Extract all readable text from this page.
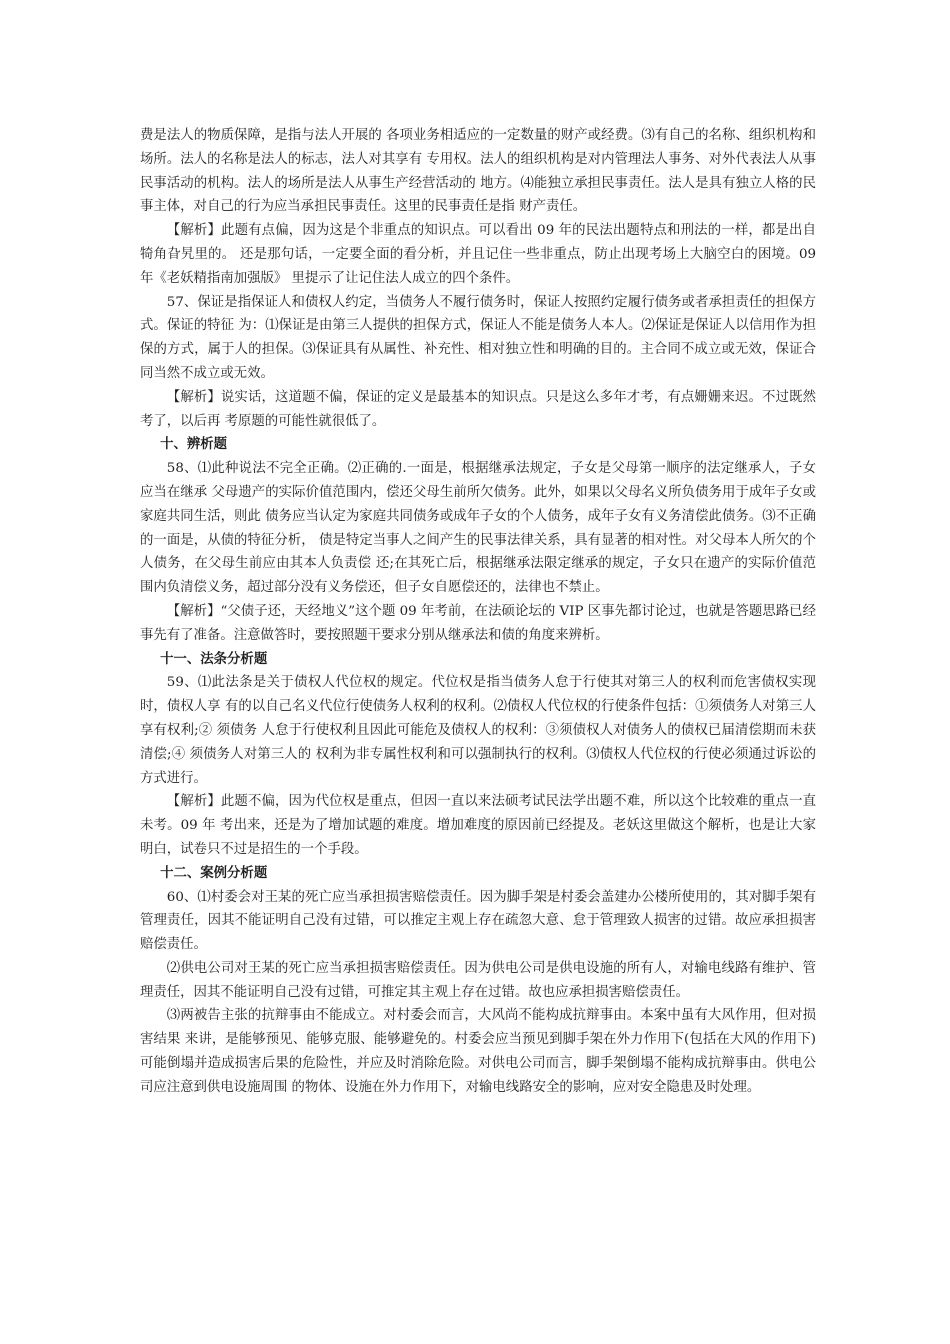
费是法人的物质保障，是指与法人开展的 各项业务相适应的一定数量的财产或经费。⑶有自己的名称、组织机构和场所。法人的名称是法人的标志，法人对其享有 专用权。法人的组织机构是对内管理法人事务、对外代表法人从事民事活动的机构。法人的场所是法人从事生产经营活动的 地方。⑷能独立承担民事责任。法人是具有独立人格的民事主体，对自己的行为应当承担民事责任。这里的民事责任是指 财产责任。

【解析】此题有点偏，因为这是个非重点的知识点。可以看出 09 年的民法出题特点和刑法的一样，都是出自犄角旮旯里的。 还是那句话，一定要全面的看分析，并且记住一些非重点，防止出现考场上大脑空白的困境。09 年《老妖精指南加强版》 里提示了让记住法人成立的四个条件。

57、保证是指保证人和债权人约定，当债务人不履行债务时，保证人按照约定履行债务或者承担责任的担保方式。保证的特征 为：⑴保证是由第三人提供的担保方式，保证人不能是债务人本人。⑵保证是保证人以信用作为担保的方式，属于人的担保。⑶保证具有从属性、补充性、相对独立性和明确的目的。主合同不成立或无效，保证合同当然不成立或无效。

【解析】说实话，这道题不偏，保证的定义是最基本的知识点。只是这么多年才考，有点姗姗来迟。不过既然考了，以后再 考原题的可能性就很低了。

十、辨析题

58、⑴此种说法不完全正确。⑵正确的.一面是，根据继承法规定，子女是父母第一顺序的法定继承人，子女应当在继承 父母遗产的实际价值范围内，偿还父母生前所欠债务。此外，如果以父母名义所负债务用于成年子女或家庭共同生活，则此 债务应当认定为家庭共同债务或成年子女的个人债务，成年子女有义务清偿此债务。⑶不正确的一面是，从债的特征分析， 债是特定当事人之间产生的民事法律关系，具有显著的相对性。对父母本人所欠的个人债务，在父母生前应由其本人负责偿 还;在其死亡后，根据继承法限定继承的规定，子女只在遗产的实际价值范围内负清偿义务，超过部分没有义务偿还，但子女自愿偿还的，法律也不禁止。

【解析】“父债子还，天经地义”这个题 09 年考前，在法硕论坛的 VIP 区事先都讨论过，也就是答题思路已经事先有了准备。注意做答时，要按照题干要求分别从继承法和债的角度来辨析。

十一、法条分析题

59、⑴此法条是关于债权人代位权的规定。代位权是指当债务人怠于行使其对第三人的权利而危害债权实现时，债权人享 有的以自己名义代位行使债务人权利的权利。⑵债权人代位权的行使条件包括：①须债务人对第三人享有权利;② 须债务 人怠于行使权利且因此可能危及债权人的权利：③须债权人对债务人的债权已届清偿期而未获清偿;④ 须债务人对第三人的 权利为非专属性权利和可以强制执行的权利。⑶债权人代位权的行使必须通过诉讼的方式进行。

【解析】此题不偏，因为代位权是重点，但因一直以来法硕考试民法学出题不难，所以这个比较难的重点一直未考。09 年 考出来，还是为了增加试题的难度。增加难度的原因前已经提及。老妖这里做这个解析，也是让大家明白，试卷只不过是招生的一个手段。

十二、案例分析题

60、⑴村委会对王某的死亡应当承担损害赔偿责任。因为脚手架是村委会盖建办公楼所使用的，其对脚手架有管理责任，因其不能证明自己没有过错，可以推定主观上存在疏忽大意、怠于管理致人损害的过错。故应承担损害赔偿责任。

⑵供电公司对王某的死亡应当承担损害赔偿责任。因为供电公司是供电设施的所有人，对输电线路有维护、管理责任，因其不能证明自己没有过错，可推定其主观上存在过错。故也应承担损害赔偿责任。

⑶两被告主张的抗辩事由不能成立。对村委会而言，大风尚不能构成抗辩事由。本案中虽有大风作用，但对损害结果 来讲，是能够预见、能够克服、能够避免的。村委会应当预见到脚手架在外力作用下(包括在大风的作用下)可能倒塌并造成损害后果的危险性，并应及时消除危险。对供电公司而言，脚手架倒塌不能构成抗辩事由。供电公司应注意到供电设施周围 的物体、设施在外力作用下，对输电线路安全的影响，应对安全隐患及时处理。
